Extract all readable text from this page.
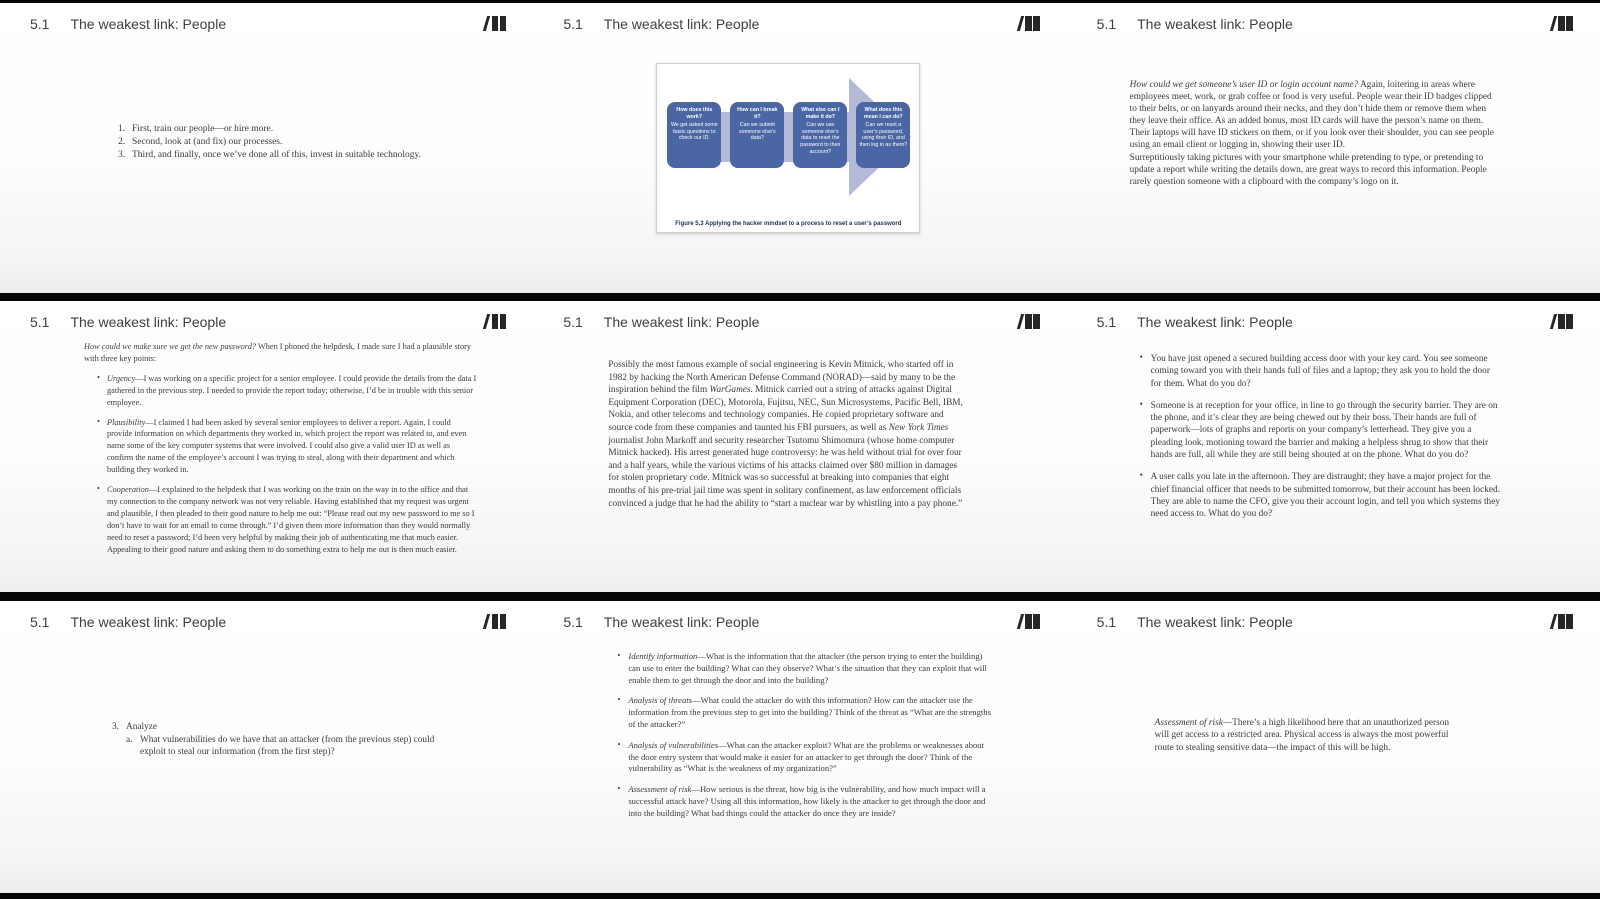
5.1 The weakest link: People
1. First, train our people—or hire more.
2. Second, look at (and fix) our processes.
3. Third, and finally, once we’ve done all of this, invest in suitable technology.
5.1 The weakest link: People
How does this work?
We get asked some basic questions to check our ID.
How can I break it?
Can we submit someone else’s data?
What else can I make it do?
Can we use someone else’s data to reset the password to their account?
What does this mean I can do?
Can we reset a user’s password, using their ID, and then log in as them?
Figure 5.3 Applying the hacker mindset to a process to reset a user’s password
5.1 The weakest link: People
How could we get someone’s user ID or login account name? Again, loitering in areas where employees meet, work, or grab coffee or food is very useful. People wear their ID badges clipped to their belts, or on lanyards around their necks, and they don’t hide them or remove them when they leave their office. As an added bonus, most ID cards will have the person’s name on them.
Their laptops will have ID stickers on them, or if you look over their shoulder, you can see people using an email client or logging in, showing their user ID.
Surreptitiously taking pictures with your smartphone while pretending to type, or pretending to update a report while writing the details down, are great ways to record this information. People rarely question someone with a clipboard with the company’s logo on it.
5.1 The weakest link: People
How could we make sure we get the new password? When I phoned the helpdesk, I made sure I had a plausible story with three key points:
• Urgency—I was working on a specific project for a senior employee. I could provide the details from the data I gathered in the previous step. I needed to provide the report today; otherwise, I’d be in trouble with this senior employee.
• Plausibility—I claimed I had been asked by several senior employees to deliver a report. Again, I could provide information on which departments they worked in, which project the report was related to, and even name some of the key computer systems that were involved. I could also give a valid user ID as well as confirm the name of the employee’s account I was trying to steal, along with their department and which building they worked in.
• Cooperation—I explained to the helpdesk that I was working on the train on the way in to the office and that my connection to the company network was not very reliable. Having established that my request was urgent and plausible, I then pleaded to their good nature to help me out: “Please read out my new password to me so I don’t have to wait for an email to come through.” I’d given them more information than they would normally need to reset a password; I’d been very helpful by making their job of authenticating me that much easier. Appealing to their good nature and asking them to do something extra to help me out is then much easier.
5.1 The weakest link: People
Possibly the most famous example of social engineering is Kevin Mitnick, who started off in 1982 by hacking the North American Defense Command (NORAD)—said by many to be the inspiration behind the film WarGames. Mitnick carried out a string of attacks against Digital Equipment Corporation (DEC), Motorola, Fujitsu, NEC, Sun Microsystems, Pacific Bell, IBM, Nokia, and other telecoms and technology companies. He copied proprietary software and source code from these companies and taunted his FBI pursuers, as well as New York Times journalist John Markoff and security researcher Tsutomu Shimomura (whose home computer Mitnick hacked). His arrest generated huge controversy: he was held without trial for over four and a half years, while the various victims of his attacks claimed over $80 million in damages for stolen proprietary code. Mitnick was so successful at breaking into companies that eight months of his pre-trial jail time was spent in solitary confinement, as law enforcement officials convinced a judge that he had the ability to “start a nuclear war by whistling into a pay phone.”
5.1 The weakest link: People
• You have just opened a secured building access door with your key card. You see someone coming toward you with their hands full of files and a laptop; they ask you to hold the door for them. What do you do?
• Someone is at reception for your office, in line to go through the security barrier. They are on the phone, and it’s clear they are being chewed out by their boss. Their hands are full of paperwork—lots of graphs and reports on your company’s letterhead. They give you a pleading look, motioning toward the barrier and making a helpless shrug to show that their hands are full, all while they are still being shouted at on the phone. What do you do?
• A user calls you late in the afternoon. They are distraught; they have a major project for the chief financial officer that needs to be submitted tomorrow, but their account has been locked. They are able to name the CFO, give you their account login, and tell you which systems they need access to. What do you do?
5.1 The weakest link: People
3. Analyze
a. What vulnerabilities do we have that an attacker (from the previous step) could exploit to steal our information (from the first step)?
5.1 The weakest link: People
• Identify information—What is the information that the attacker (the person trying to enter the building) can use to enter the building? What can they observe? What’s the situation that they can exploit that will enable them to get through the door and into the building?
• Analysis of threats—What could the attacker do with this information? How can the attacker use the information from the previous step to get into the building? Think of the threat as “What are the strengths of the attacker?”
• Analysis of vulnerabilities—What can the attacker exploit? What are the problems or weaknesses about the door entry system that would make it easier for an attacker to get through the door? Think of the vulnerability as “What is the weakness of my organization?”
• Assessment of risk—How serious is the threat, how big is the vulnerability, and how much impact will a successful attack have? Using all this information, how likely is the attacker to get through the door and into the building? What bad things could the attacker do once they are inside?
5.1 The weakest link: People
Assessment of risk—There’s a high likelihood here that an unauthorized person will get access to a restricted area. Physical access is always the most powerful route to stealing sensitive data—the impact of this will be high.
